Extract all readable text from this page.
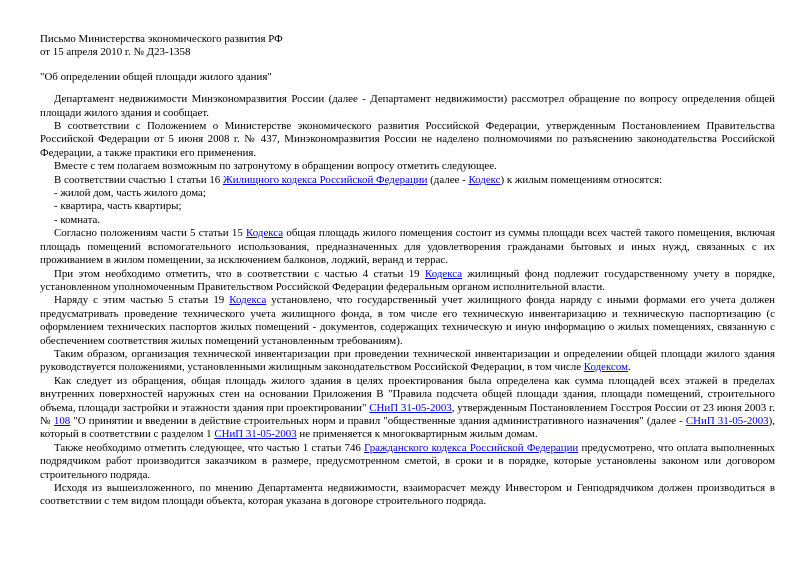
Письмо Министерства экономического развития РФ
от 15 апреля 2010 г. № Д23-1358
"Об определении общей площади жилого здания"

Департамент недвижимости Минэкономразвития России (далее - Департамент недвижимости) рассмотрел обращение по вопросу определения общей площади жилого здания и сообщает.

В соответствии с Положением о Министерстве экономического развития Российской Федерации, утвержденным Постановлением Правительства Российской Федерации от 5 июня 2008 г. № 437, Минэкономразвития России не наделено полномочиями по разъяснению законодательства Российской Федерации, а также практики его применения.

Вместе с тем полагаем возможным по затронутому в обращении вопросу отметить следующее.

В соответствии счастью 1 статьи 16 Жилищного кодекса Российской Федерации (далее - Кодекс) к жилым помещениям относятся:

- жилой дом, часть жилого дома;

- квартира, часть квартиры;

- комната.

Согласно положениям части 5 статьи 15 Кодекса общая площадь жилого помещения состоит из суммы площади всех частей такого помещения, включая площадь помещений вспомогательного использования, предназначенных для удовлетворения гражданами бытовых и иных нужд, связанных с их проживанием в жилом помещении, за исключением балконов, лоджий, веранд и террас.

При этом необходимо отметить, что в соответствии с частью 4 статьи 19 Кодекса жилищный фонд подлежит государственному учету в порядке, установленном уполномоченным Правительством Российской Федерации федеральным органом исполнительной власти.

Наряду с этим частью 5 статьи 19 Кодекса установлено, что государственный учет жилищного фонда наряду с иными формами его учета должен предусматривать проведение технического учета жилищного фонда, в том числе его техническую инвентаризацию и техническую паспортизацию (с оформлением технических паспортов жилых помещений - документов, содержащих техническую и иную информацию о жилых помещениях, связанную с обеспечением соответствия жилых помещений установленным требованиям).

Таким образом, организация технической инвентаризации при проведении технической инвентаризации и определении общей площади жилого здания руководствуется положениями, установленными жилищным законодательством Российской Федерации, в том числе Кодексом.

Как следует из обращения, общая площадь жилого здания в целях проектирования была определена как сумма площадей всех этажей в пределах внутренних поверхностей наружных стен на основании Приложения В "Правила подсчета общей площади здания, площади помещений, строительного объема, площади застройки и этажности здания при проектировании" СНиП 31-05-2003, утвержденным Постановлением Госстроя России от 23 июня 2003 г. № 108 "О принятии и введении в действие строительных норм и правил "общественные здания административного назначения" (далее - СНиП 31-05-2003), который в соответствии с разделом 1 СНиП 31-05-2003 не применяется к многоквартирным жилым домам.

Также необходимо отметить следующее, что частью 1 статьи 746 Гражданского кодекса Российской Федерации предусмотрено, что оплата выполненных подрядчиком работ производится заказчиком в размере, предусмотренном сметой, в сроки и в порядке, которые установлены законом или договором строительного подряда.

Исходя из вышеизложенного, по мнению Департамента недвижимости, взаиморасчет между Инвестором и Генподрядчиком должен производиться в соответствии с тем видом площади объекта, которая указана в договоре строительного подряда.
